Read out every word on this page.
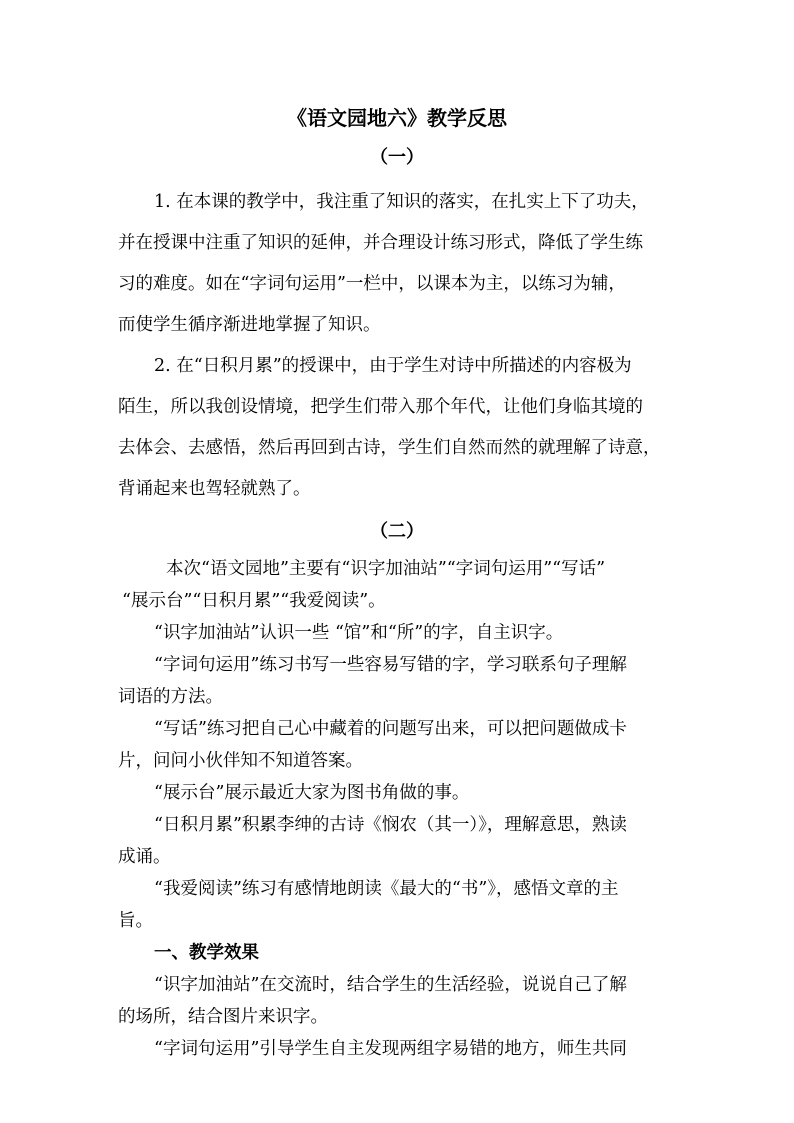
《语文园地六》教学反思
（一）
1. 在本课的教学中，我注重了知识的落实，在扎实上下了功夫，
并在授课中注重了知识的延伸，并合理设计练习形式，降低了学生练
习的难度。如在“字词句运用”一栏中，以课本为主，以练习为辅，
而使学生循序渐进地掌握了知识。
2. 在“日积月累”的授课中，由于学生对诗中所描述的内容极为
陌生，所以我创设情境，把学生们带入那个年代，让他们身临其境的
去体会、去感悟，然后再回到古诗，学生们自然而然的就理解了诗意，
背诵起来也驾轻就熟了。
（二）
本次“语文园地”主要有“识字加油站”“字词句运用”“写话”
“展示台”“日积月累”“我爱阅读”。
“识字加油站”认识一些 “馆”和“所”的字，自主识字。
“字词句运用”练习书写一些容易写错的字，学习联系句子理解
词语的方法。
“写话”练习把自己心中藏着的问题写出来，可以把问题做成卡
片，问问小伙伴知不知道答案。
“展示台”展示最近大家为图书角做的事。
“日积月累”积累李绅的古诗《悯农（其一）》，理解意思，熟读
成诵。
“我爱阅读”练习有感情地朗读《最大的“书”》，感悟文章的主
旨。
一、教学效果
“识字加油站”在交流时，结合学生的生活经验，说说自己了解
的场所，结合图片来识字。
“字词句运用”引导学生自主发现两组字易错的地方，师生共同
